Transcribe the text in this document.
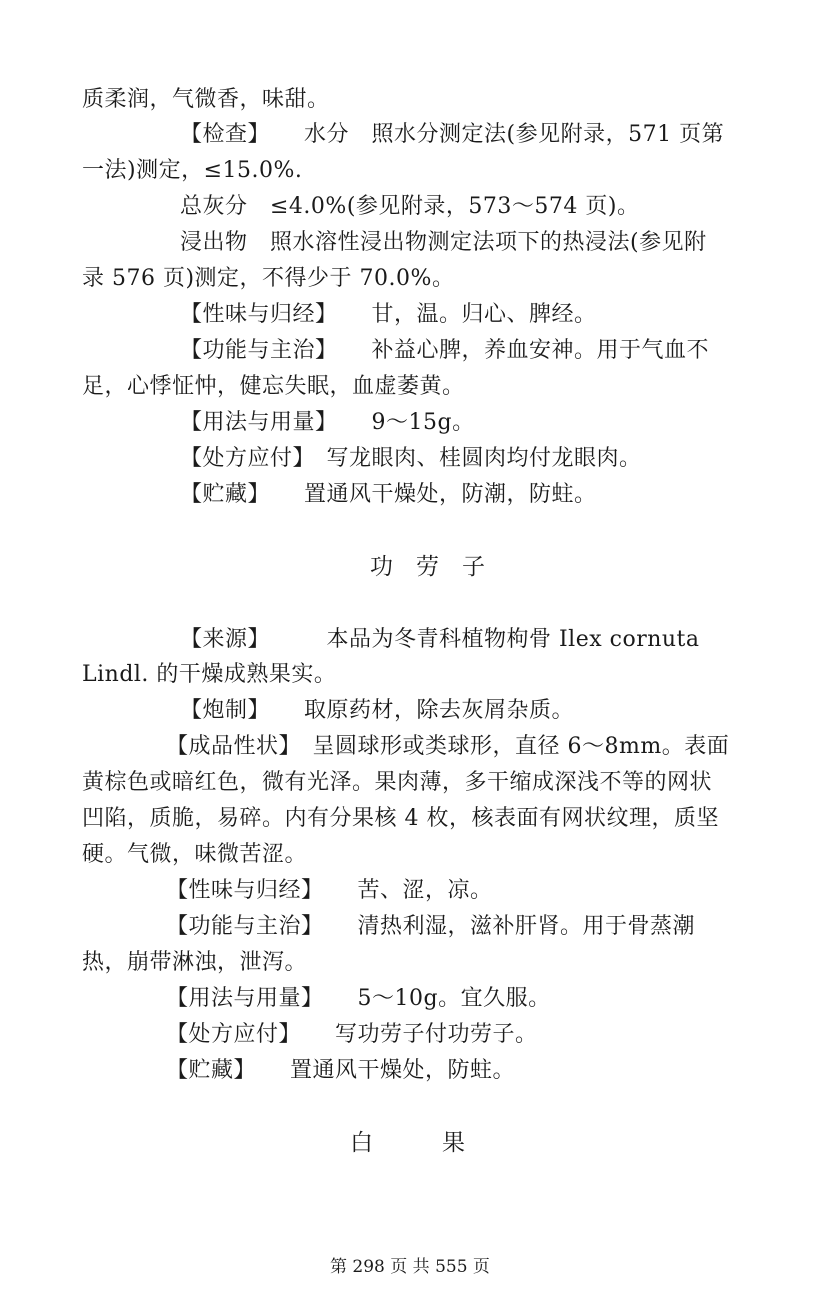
质柔润，气微香，味甜。
【检查】　　水分　照水分测定法(参见附录，571 页第
一法)测定，≤15.0%.
总灰分　≤4.0%(参见附录，573～574 页)。
浸出物　照水溶性浸出物测定法项下的热浸法(参见附
录 576 页)测定，不得少于 70.0%。
【性味与归经】　　甘，温。归心、脾经。
【功能与主治】　　补益心脾，养血安神。用于气血不
足，心悸怔忡，健忘失眠，血虚萎黄。
【用法与用量】　　9～15g。
【处方应付】　写龙眼肉、桂圆肉均付龙眼肉。
【贮藏】　　置通风干燥处，防潮，防蛀。
功　劳　子
【来源】　　　本品为冬青科植物枸骨 Ilex cornuta
Lindl. 的干燥成熟果实。
【炮制】　　取原药材，除去灰屑杂质。
【成品性状】　呈圆球形或类球形，直径 6～8mm。表面
黄棕色或暗红色，微有光泽。果肉薄，多干缩成深浅不等的网状
凹陷，质脆，易碎。内有分果核 4 枚，核表面有网状纹理，质坚
硬。气微，味微苦涩。
【性味与归经】　　苦、涩，凉。
【功能与主治】　　清热利湿，滋补肝肾。用于骨蒸潮
热，崩带淋浊，泄泻。
【用法与用量】　　5～10g。宜久服。
【处方应付】　　写功劳子付功劳子。
【贮藏】　　置通风干燥处，防蛀。
白　　　果
第 298 页 共 555 页
